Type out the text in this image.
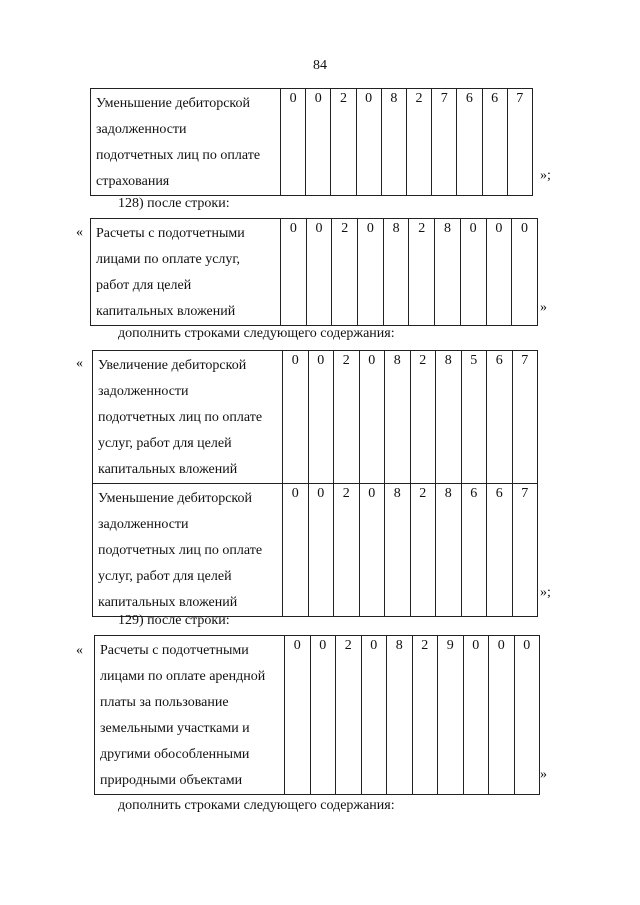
84
Уменьшение дебиторской
задолженности
подотчетных лиц по оплате
страхования
	0	0	2	0	8	2	7	6	6	7
»;
128) после строки:
« Расчеты с подотчетными
лицами по оплате услуг,
работ для целей
капитальных вложений
	0	0	2	0	8	2	8	0	0	0
»
дополнить строками следующего содержания:
« Увеличение дебиторской
задолженности
подотчетных лиц по оплате
услуг, работ для целей
капитальных вложений	0	0	2	0	8	2	8	5	6	7

Уменьшение дебиторской
задолженности
подотчетных лиц по оплате
услуг, работ для целей
капитальных вложений	0	0	2	0	8	2	8	6	6	7
»;
129) после строки:
« Расчеты с подотчетными
лицами по оплате арендной
платы за пользование
земельными участками и
другими обособленными
природными объектами
	0	0	2	0	8	2	9	0	0	0
»
дополнить строками следующего содержания:
